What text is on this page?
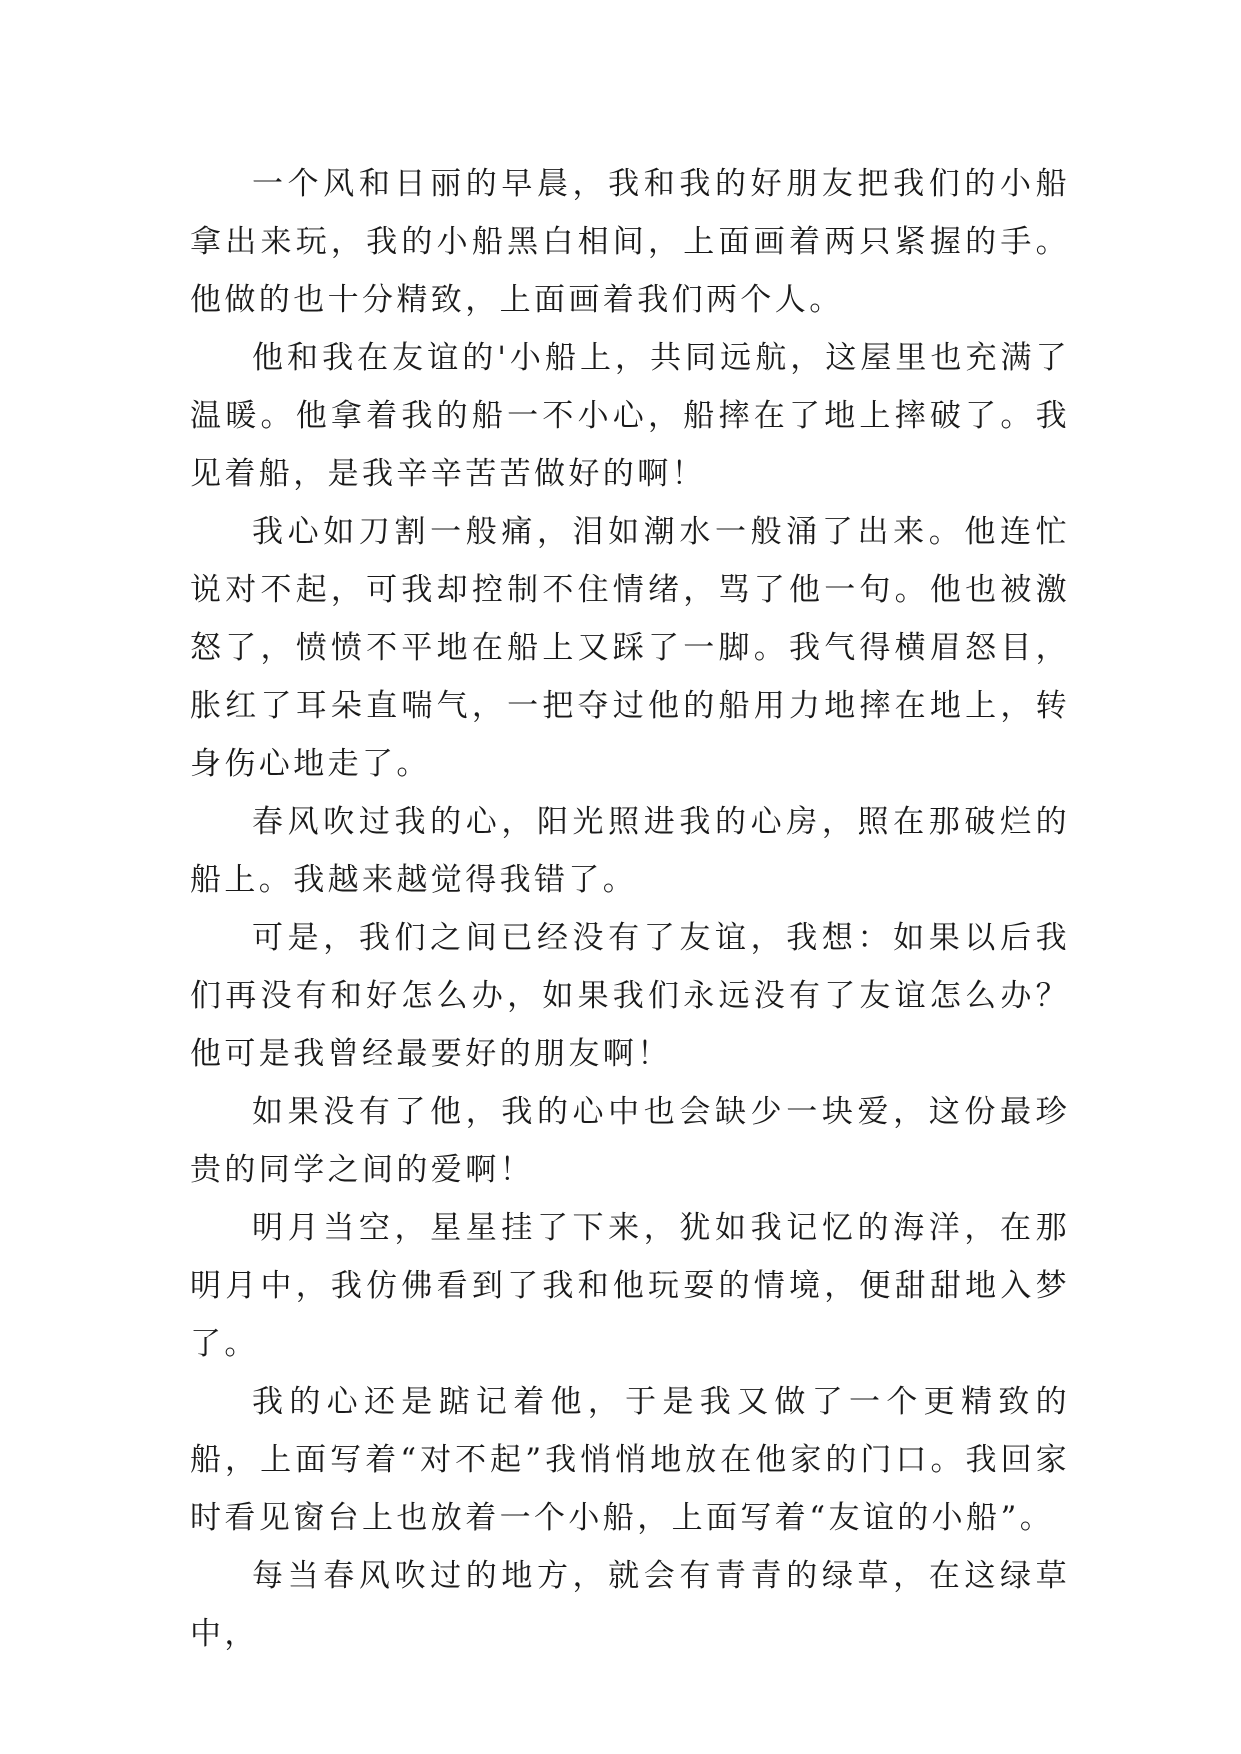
一个风和日丽的早晨，我和我的好朋友把我们的小船拿出来玩，我的小船黑白相间，上面画着两只紧握的手。他做的也十分精致，上面画着我们两个人。

他和我在友谊的'小船上，共同远航，这屋里也充满了温暖。他拿着我的船一不小心，船摔在了地上摔破了。我见着船，是我辛辛苦苦做好的啊！

我心如刀割一般痛，泪如潮水一般涌了出来。他连忙说对不起，可我却控制不住情绪，骂了他一句。他也被激怒了，愤愤不平地在船上又踩了一脚。我气得横眉怒目，胀红了耳朵直喘气，一把夺过他的船用力地摔在地上，转身伤心地走了。

春风吹过我的心，阳光照进我的心房，照在那破烂的船上。我越来越觉得我错了。

可是，我们之间已经没有了友谊，我想：如果以后我们再没有和好怎么办，如果我们永远没有了友谊怎么办？他可是我曾经最要好的朋友啊！

如果没有了他，我的心中也会缺少一块爱，这份最珍贵的同学之间的爱啊！

明月当空，星星挂了下来，犹如我记忆的海洋，在那明月中，我仿佛看到了我和他玩耍的情境，便甜甜地入梦了。

我的心还是踮记着他，于是我又做了一个更精致的船，上面写着“对不起”我悄悄地放在他家的门口。我回家时看见窗台上也放着一个小船，上面写着“友谊的小船”。

每当春风吹过的地方，就会有青青的绿草，在这绿草中，
